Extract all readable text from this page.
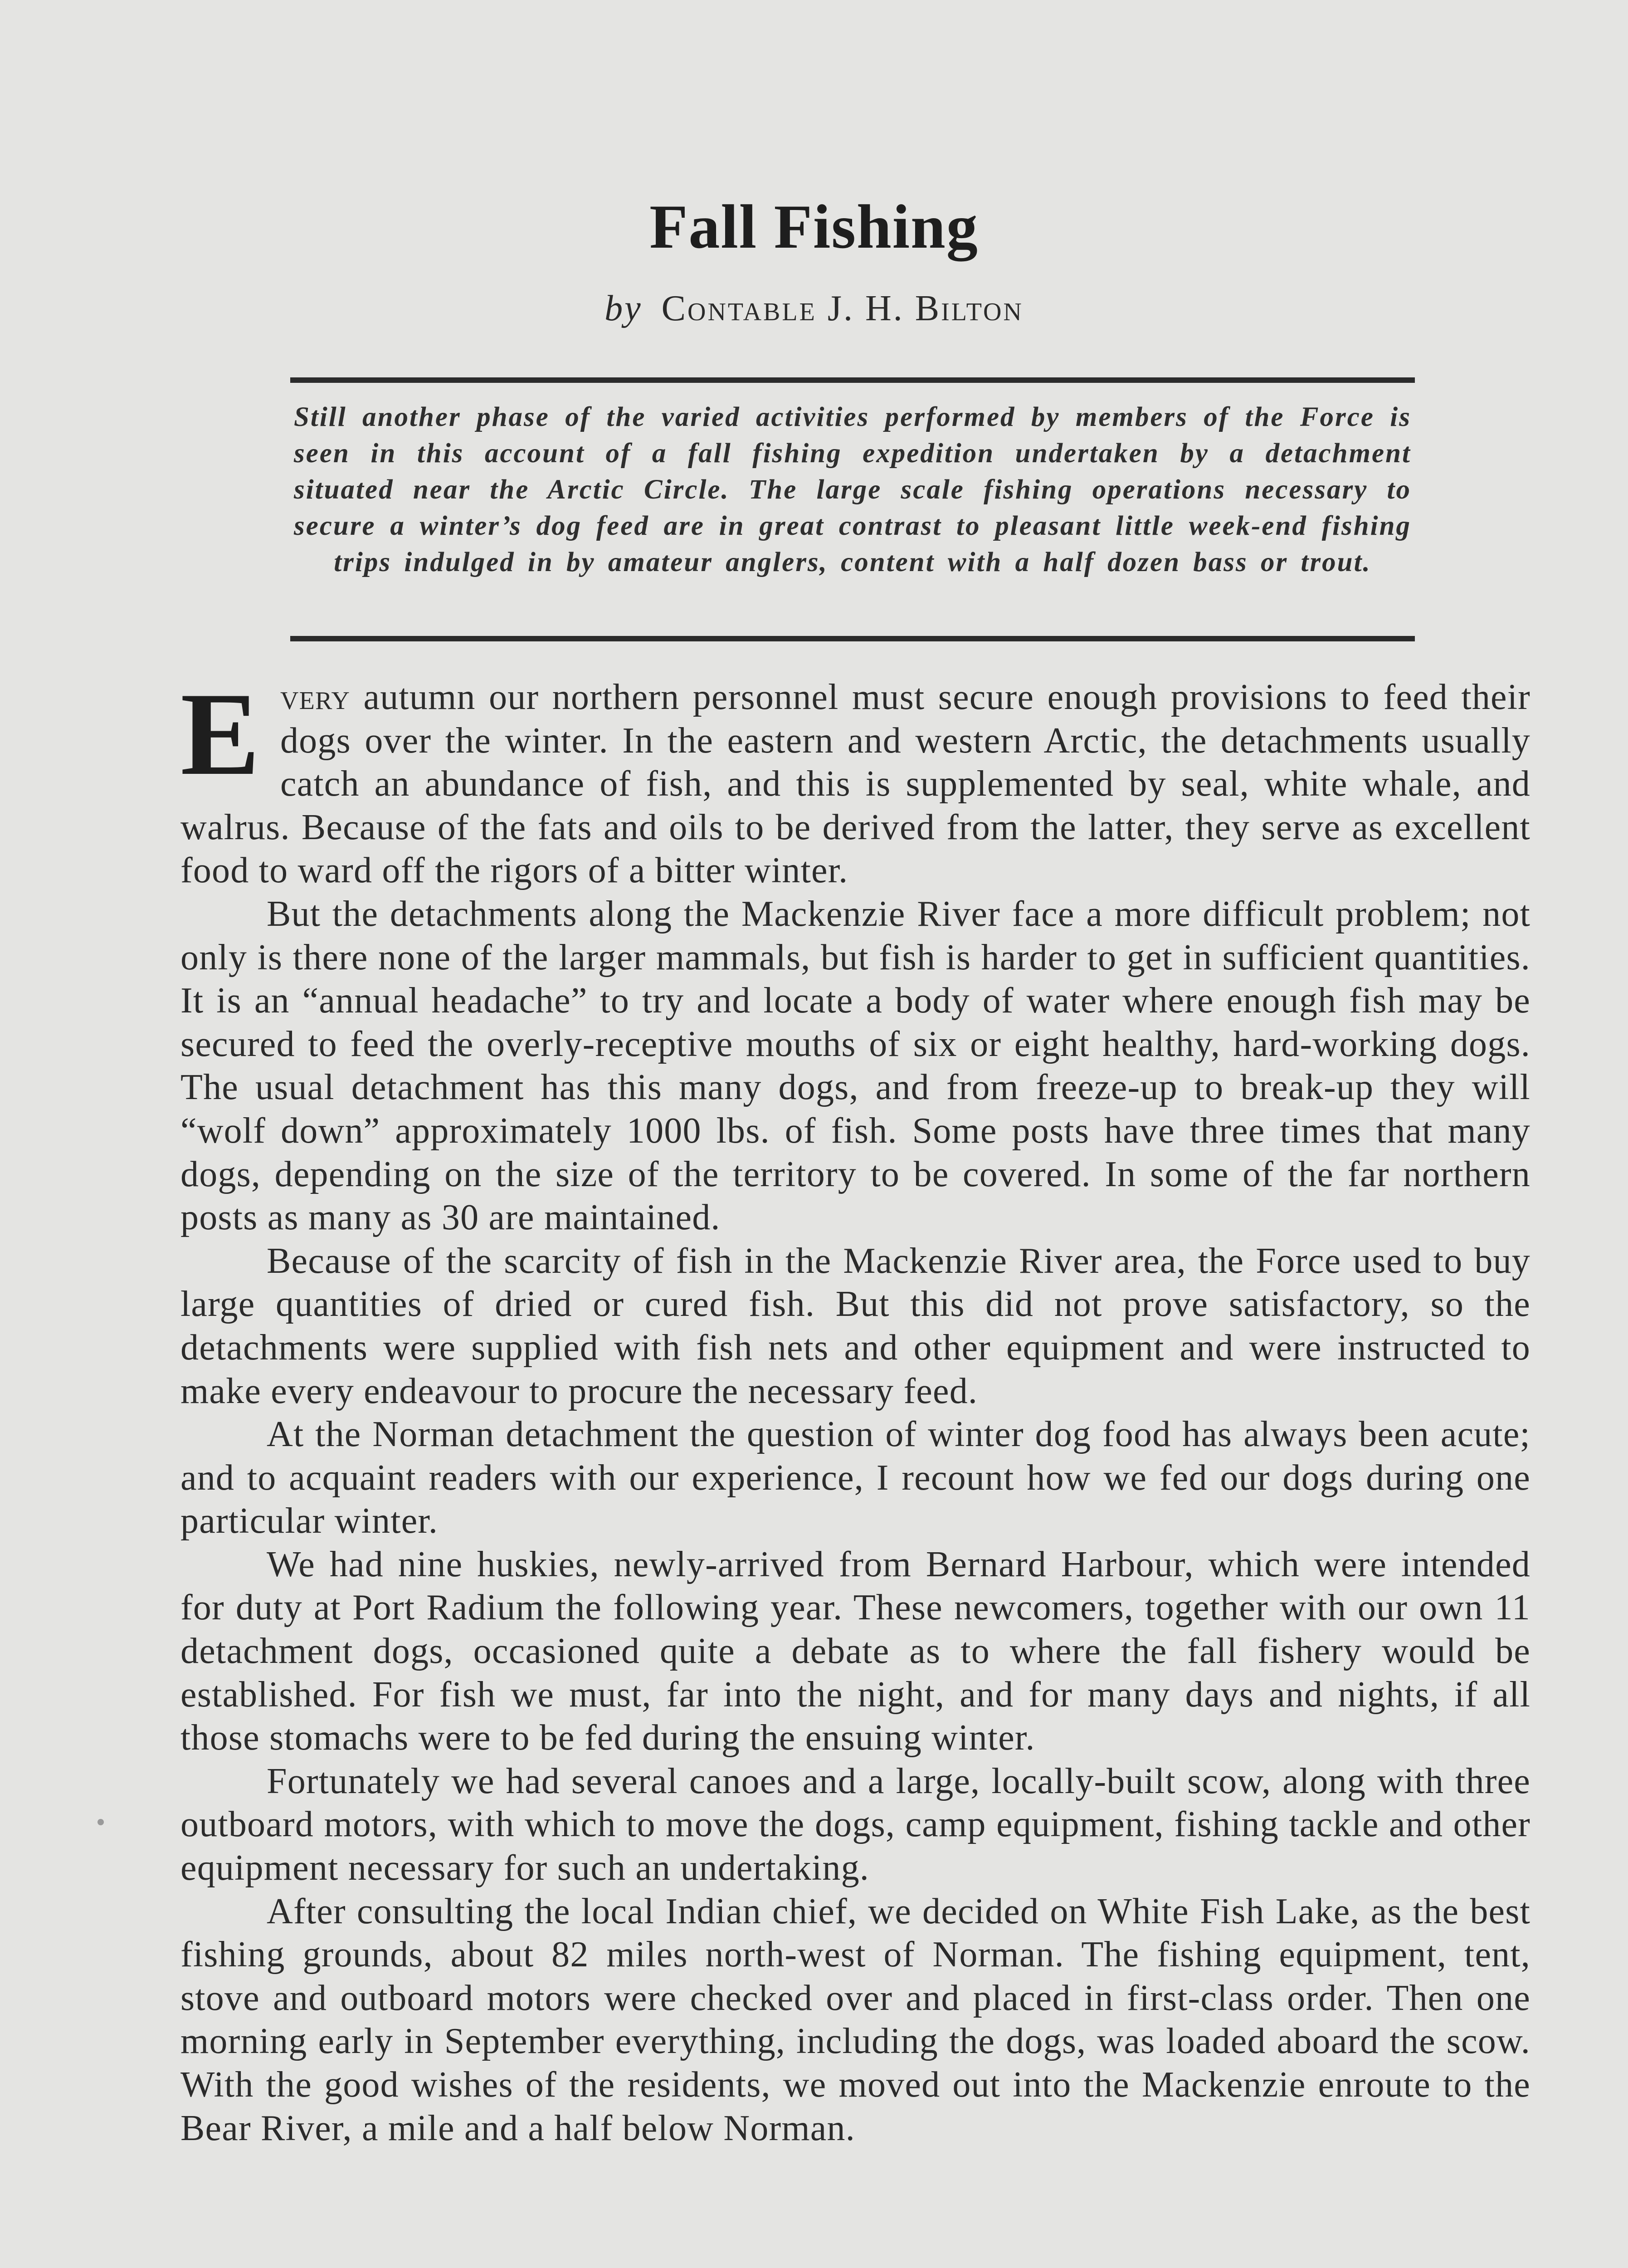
Fall Fishing
by Contable J. H. Bilton
Still another phase of the varied activities performed by members of the Force is seen in this account of a fall fishing expedition undertaken by a detachment situated near the Arctic Circle. The large scale fishing operations necessary to secure a winter’s dog feed are in great contrast to pleasant little week-end fishing trips indulged in by amateur anglers, content with a half dozen bass or trout.

Every autumn our northern personnel must secure enough provisions to feed their dogs over the winter. In the eastern and western Arctic, the detachments usually catch an abundance of fish, and this is supplemented by seal, white whale, and walrus. Because of the fats and oils to be derived from the latter, they serve as excellent food to ward off the rigors of a bitter winter.

But the detachments along the Mackenzie River face a more difficult problem; not only is there none of the larger mammals, but fish is harder to get in sufficient quantities. It is an “annual headache” to try and locate a body of water where enough fish may be secured to feed the overly-receptive mouths of six or eight healthy, hard-working dogs. The usual detachment has this many dogs, and from freeze-up to break-up they will “wolf down” approximately 1000 lbs. of fish. Some posts have three times that many dogs, depending on the size of the territory to be covered. In some of the far northern posts as many as 30 are maintained.

Because of the scarcity of fish in the Mackenzie River area, the Force used to buy large quantities of dried or cured fish. But this did not prove satisfactory, so the detachments were supplied with fish nets and other equipment and were instructed to make every endeavour to procure the necessary feed.

At the Norman detachment the question of winter dog food has always been acute; and to acquaint readers with our experience, I recount how we fed our dogs during one particular winter.

We had nine huskies, newly-arrived from Bernard Harbour, which were intended for duty at Port Radium the following year. These newcomers, together with our own 11 detachment dogs, occasioned quite a debate as to where the fall fishery would be established. For fish we must, far into the night, and for many days and nights, if all those stomachs were to be fed during the ensuing winter.

Fortunately we had several canoes and a large, locally-built scow, along with three outboard motors, with which to move the dogs, camp equipment, fishing tackle and other equipment necessary for such an undertaking.

After consulting the local Indian chief, we decided on White Fish Lake, as the best fishing grounds, about 82 miles north-west of Norman. The fishing equipment, tent, stove and outboard motors were checked over and placed in first-class order. Then one morning early in September everything, including the dogs, was loaded aboard the scow. With the good wishes of the residents, we moved out into the Mackenzie enroute to the Bear River, a mile and a half below Norman.
